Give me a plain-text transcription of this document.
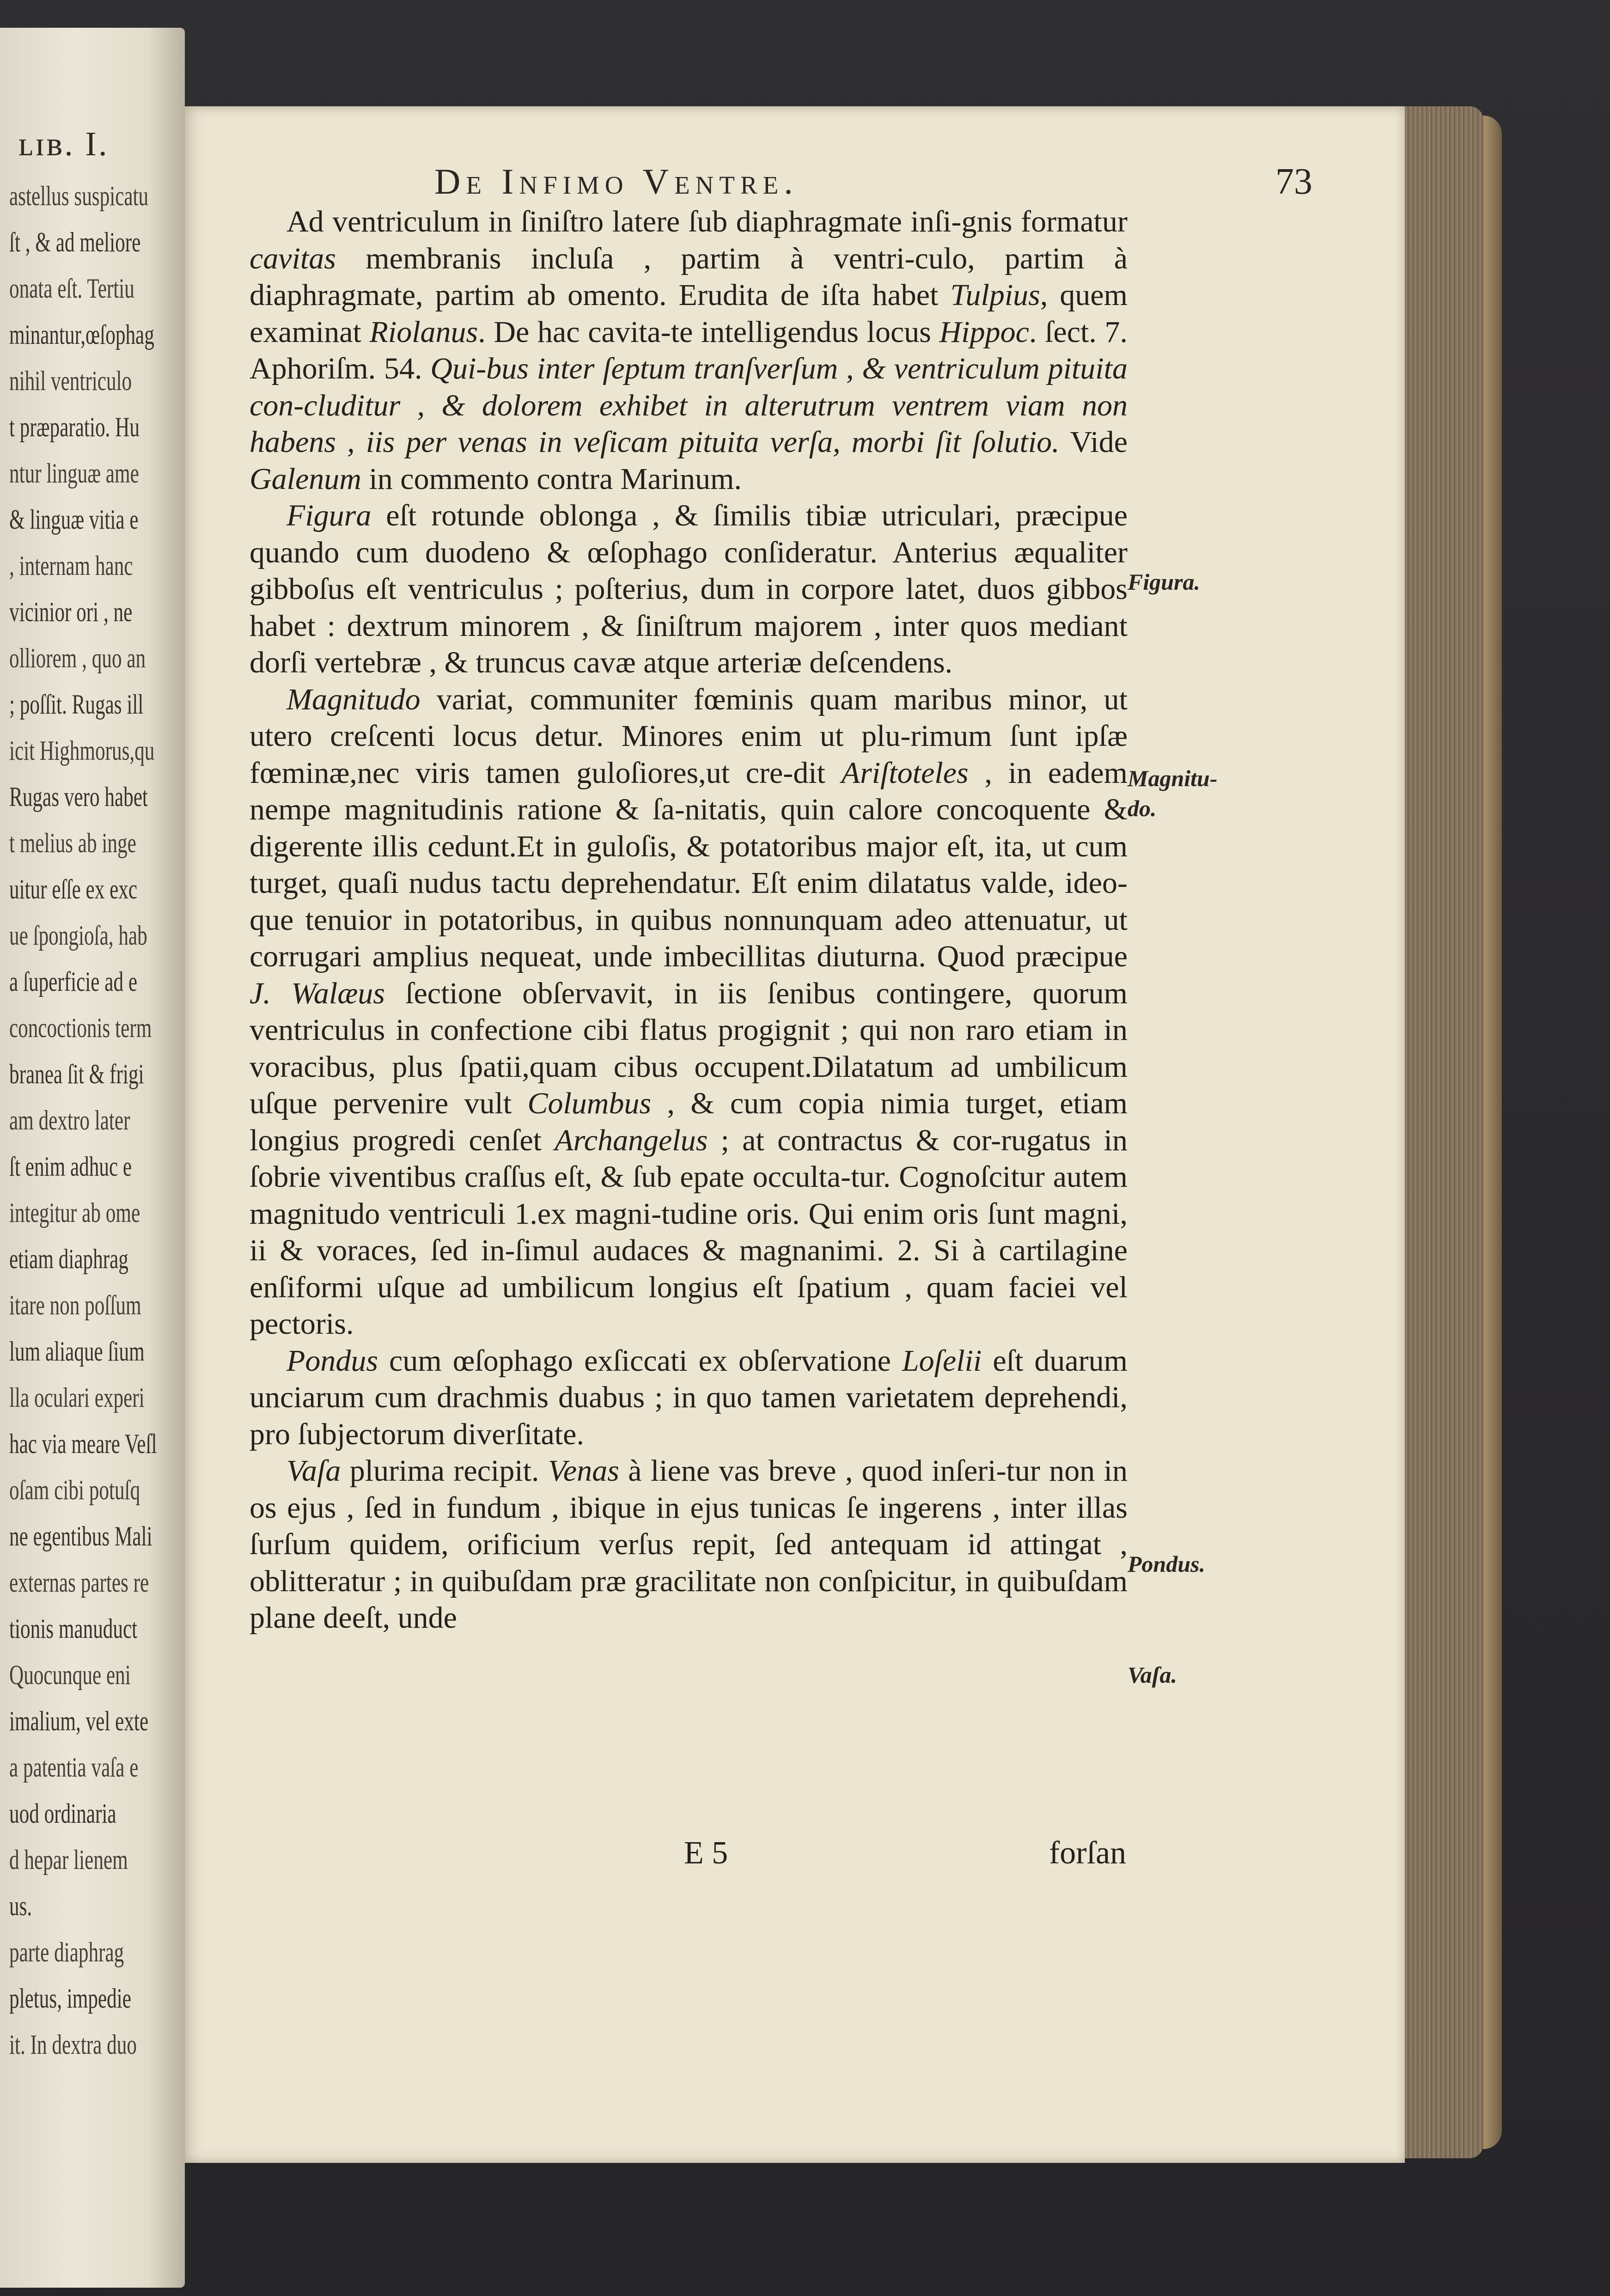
ʟɪʙ. I.
astellus suspicatu
ſt , & ad meliore
onata eſt. Tertiu
minantur,œſophag
nihil ventriculo
t præparatio. Hu
ntur linguæ ame
& linguæ vitia e
, internam hanc
vicinior ori , ne
olliorem , quo an
; poſſit. Rugas ill
icit Highmorus,qu
Rugas vero habet
t melius ab inge
uitur eſſe ex exc
ue ſpongioſa, hab
a ſuperficie ad e
concoctionis term
branea ſit & frigi
am dextro later
ſt enim adhuc e
integitur ab ome
etiam diaphrag
itare non poſſum
lum aliaque ſium
lla oculari experi
hac via meare Veſl
oſam cibi potuſq
ne egentibus Mali
externas partes re
tionis manuduct
Quocunque eni
imalium, vel exte
a patentia vaſa e
uod ordinaria
d hepar lienem
us.
parte diaphrag
pletus, impedie
it. In dextra duo
De Infimo Ventre.	73

Ad ventriculum in ſiniſtro latere ſub diaphragmate inſi-gnis formatur cavitas membranis incluſa , partim à ventri-culo, partim à diaphragmate, partim ab omento. Erudita de iſta habet Tulpius, quem examinat Riolanus. De hac cavita-te intelligendus locus Hippoc. ſect. 7. Aphoriſm. 54. Qui-bus inter ſeptum tranſverſum , & ventriculum pituita con-cluditur , & dolorem exhibet in alterutrum ventrem viam non habens , iis per venas in veſicam pituita verſa, morbi ſit ſolutio. Vide Galenum in commento contra Marinum.

Figura eſt rotunde oblonga , & ſimilis tibiæ utriculari, præcipue quando cum duodeno & œſophago conſideratur. Anterius æqualiter gibboſus eſt ventriculus ; poſterius, dum in corpore latet, duos gibbos habet : dextrum minorem , & ſiniſtrum majorem , inter quos mediant dorſi vertebræ , & truncus cavæ atque arteriæ deſcendens.

Magnitudo variat, communiter fœminis quam maribus minor, ut utero creſcenti locus detur. Minores enim ut plu-rimum ſunt ipſæ fœminæ,nec viris tamen guloſiores,ut cre-dit Ariſtoteles , in eadem nempe magnitudinis ratione & ſa-nitatis, quin calore concoquente & digerente illis cedunt.Et in guloſis, & potatoribus major eſt, ita, ut cum turget, quaſi nudus tactu deprehendatur. Eſt enim dilatatus valde, ideo-que tenuior in potatoribus, in quibus nonnunquam adeo attenuatur, ut corrugari amplius nequeat, unde imbecillitas diuturna. Quod præcipue J. Walæus ſectione obſervavit, in iis ſenibus contingere, quorum ventriculus in confectione cibi flatus progignit ; qui non raro etiam in voracibus, plus ſpatii,quam cibus occupent.Dilatatum ad umbilicum uſque pervenire vult Columbus , & cum copia nimia turget, etiam longius progredi cenſet Archangelus ; at contractus & cor-rugatus in ſobrie viventibus craſſus eſt, & ſub epate occulta-tur. Cognoſcitur autem magnitudo ventriculi 1.ex magni-tudine oris. Qui enim oris ſunt magni, ii & voraces, ſed in-ſimul audaces & magnanimi. 2. Si à cartilagine enſiformi uſque ad umbilicum longius eſt ſpatium , quam faciei vel pectoris.

Pondus cum œſophago exſiccati ex obſervatione Loſelii eſt duarum unciarum cum drachmis duabus ; in quo tamen varietatem deprehendi, pro ſubjectorum diverſitate.

Vaſa plurima recipit. Venas à liene vas breve , quod inſeri-tur non in os ejus , ſed in fundum , ibique in ejus tunicas ſe ingerens , inter illas ſurſum quidem, orificium verſus repit, ſed antequam id attingat , oblitteratur ; in quibuſdam præ gracilitate non conſpicitur, in quibuſdam plane deeſt, unde

Figura.
Magnitu-
do.
Pondus.
Vaſa.
E 5	forſan
